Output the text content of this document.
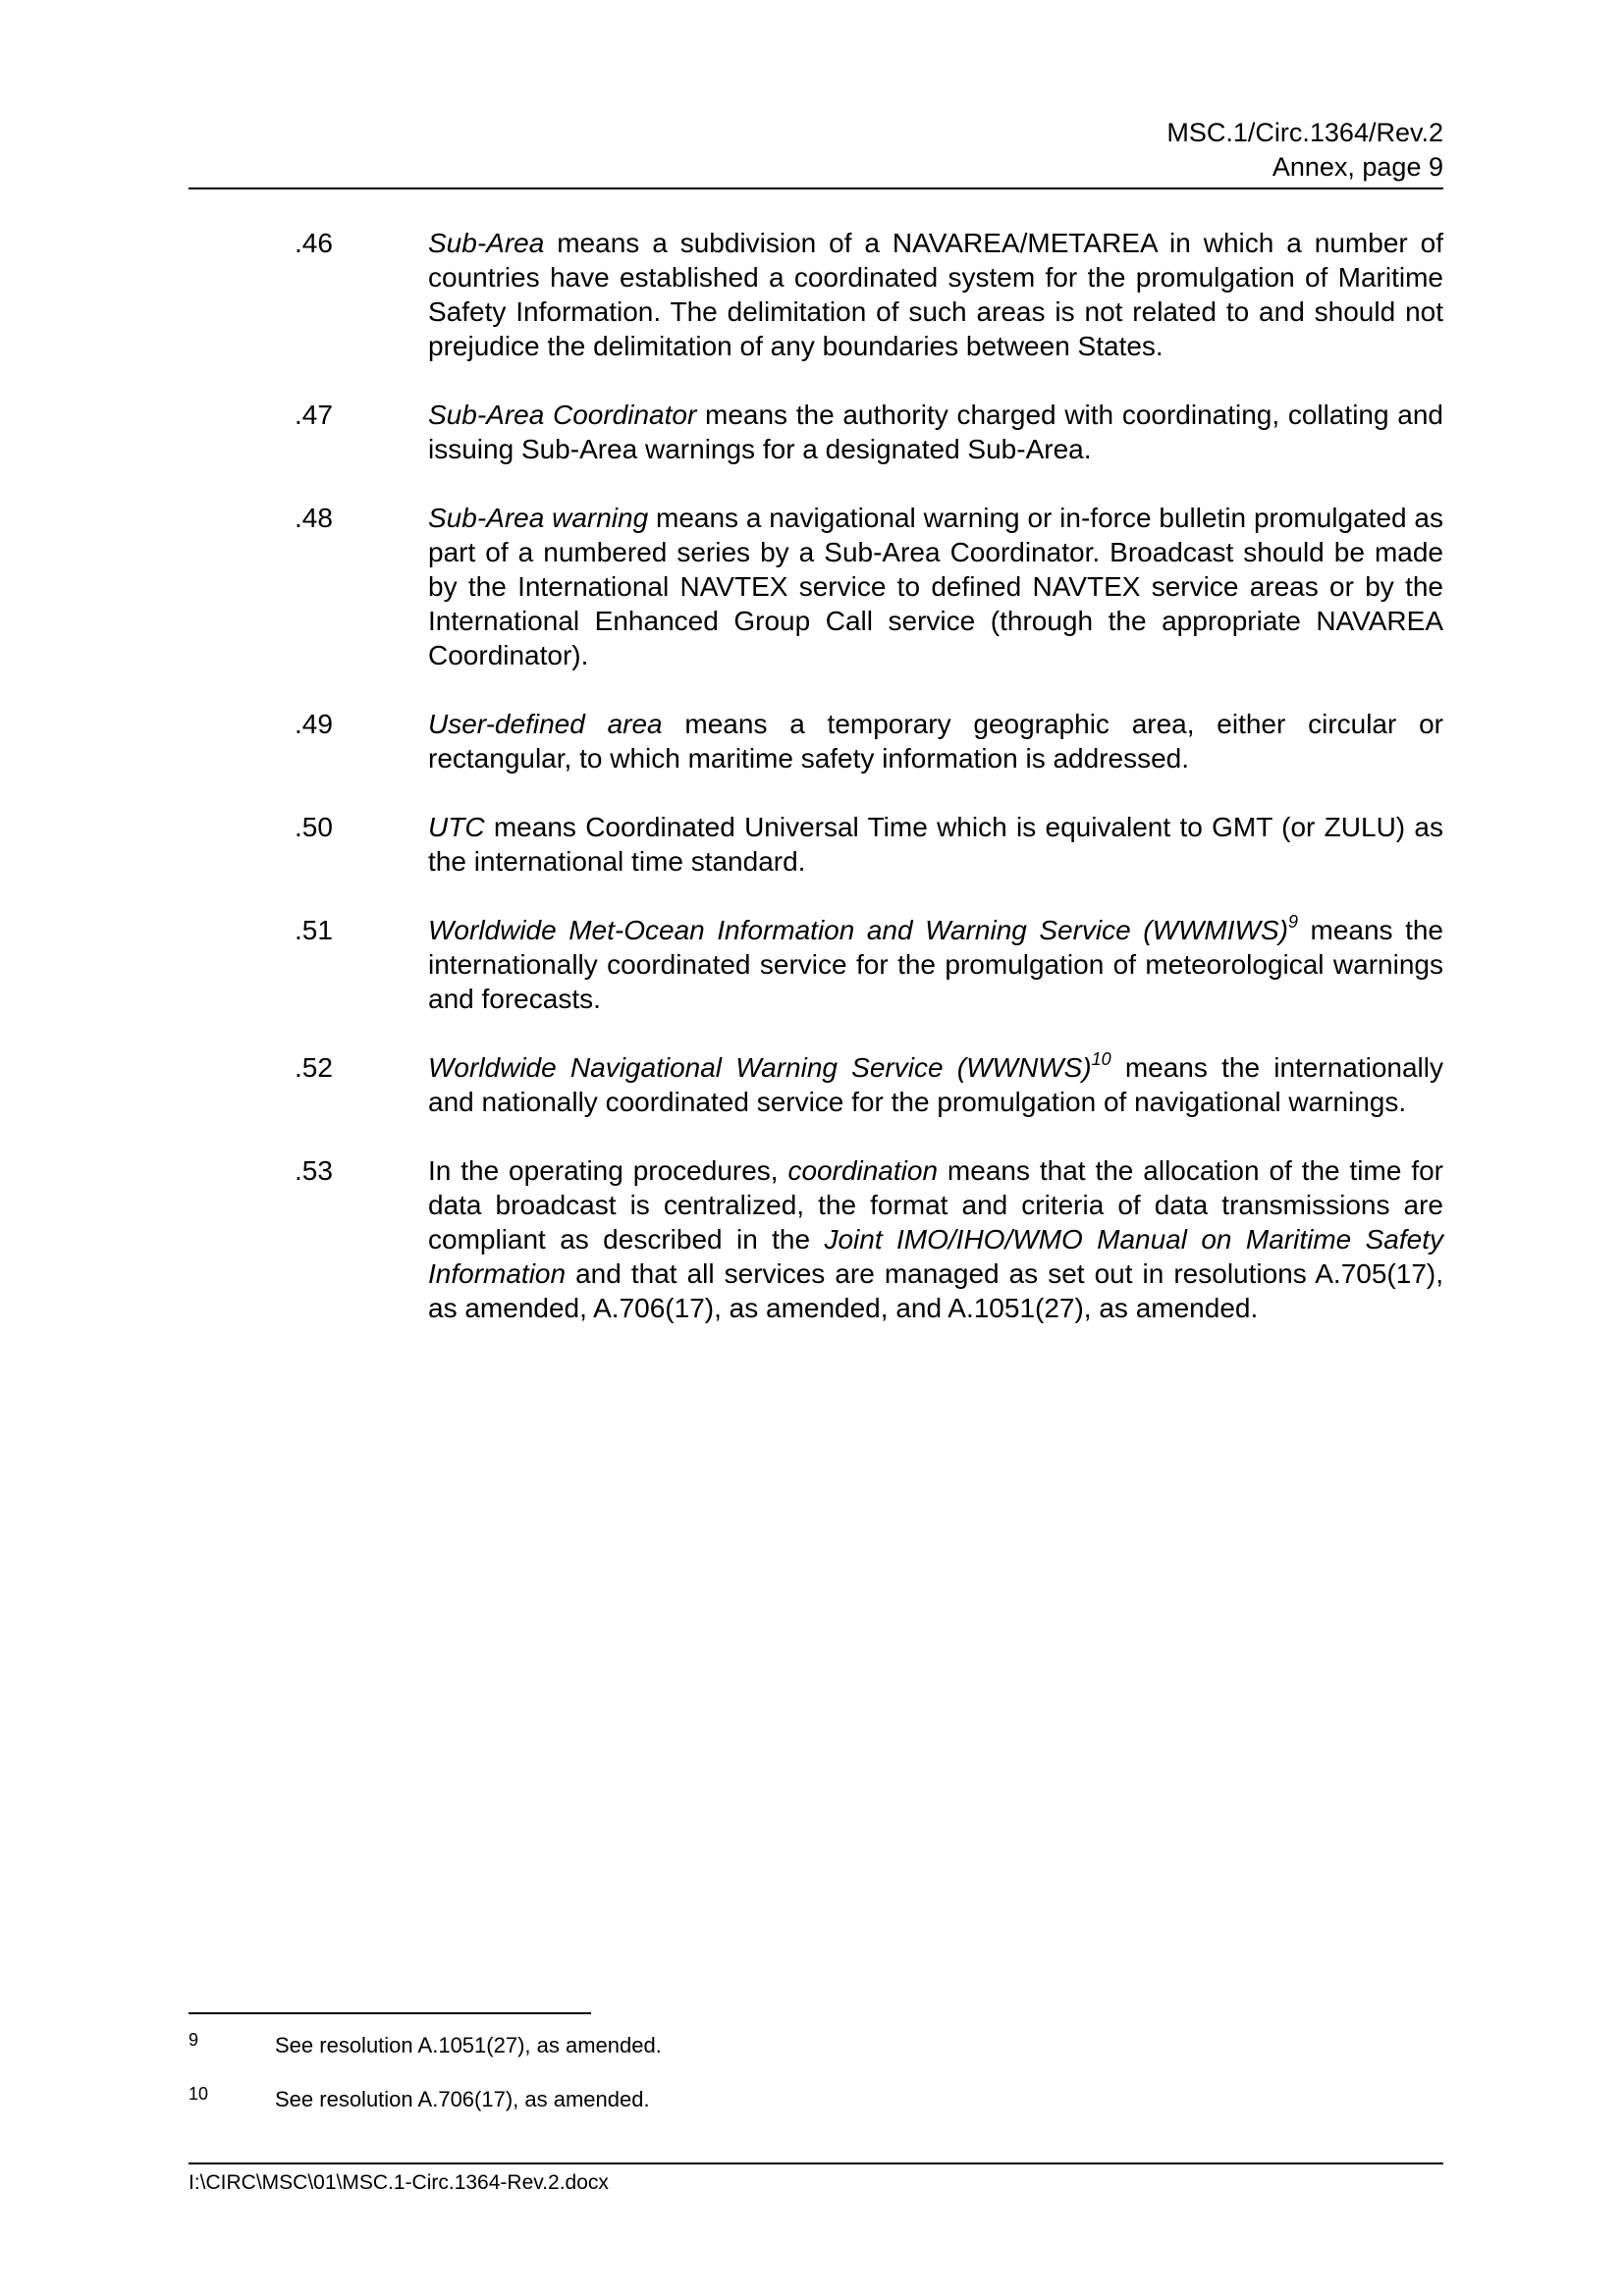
MSC.1/Circ.1364/Rev.2
Annex, page 9
.46	Sub-Area means a subdivision of a NAVAREA/METAREA in which a number of countries have established a coordinated system for the promulgation of Maritime Safety Information. The delimitation of such areas is not related to and should not prejudice the delimitation of any boundaries between States.
.47	Sub-Area Coordinator means the authority charged with coordinating, collating and issuing Sub-Area warnings for a designated Sub-Area.
.48	Sub-Area warning means a navigational warning or in-force bulletin promulgated as part of a numbered series by a Sub-Area Coordinator. Broadcast should be made by the International NAVTEX service to defined NAVTEX service areas or by the International Enhanced Group Call service (through the appropriate NAVAREA Coordinator).
.49	User-defined area means a temporary geographic area, either circular or rectangular, to which maritime safety information is addressed.
.50	UTC means Coordinated Universal Time which is equivalent to GMT (or ZULU) as the international time standard.
.51	Worldwide Met-Ocean Information and Warning Service (WWMIWS)$^9$ means the internationally coordinated service for the promulgation of meteorological warnings and forecasts.
.52	Worldwide Navigational Warning Service (WWNWS)$^{10}$ means the internationally and nationally coordinated service for the promulgation of navigational warnings.
.53	In the operating procedures, coordination means that the allocation of the time for data broadcast is centralized, the format and criteria of data transmissions are compliant as described in the Joint IMO/IHO/WMO Manual on Maritime Safety Information and that all services are managed as set out in resolutions A.705(17), as amended, A.706(17), as amended, and A.1051(27), as amended.
9	See resolution A.1051(27), as amended.
10	See resolution A.706(17), as amended.
I:\CIRC\MSC\01\MSC.1-Circ.1364-Rev.2.docx
